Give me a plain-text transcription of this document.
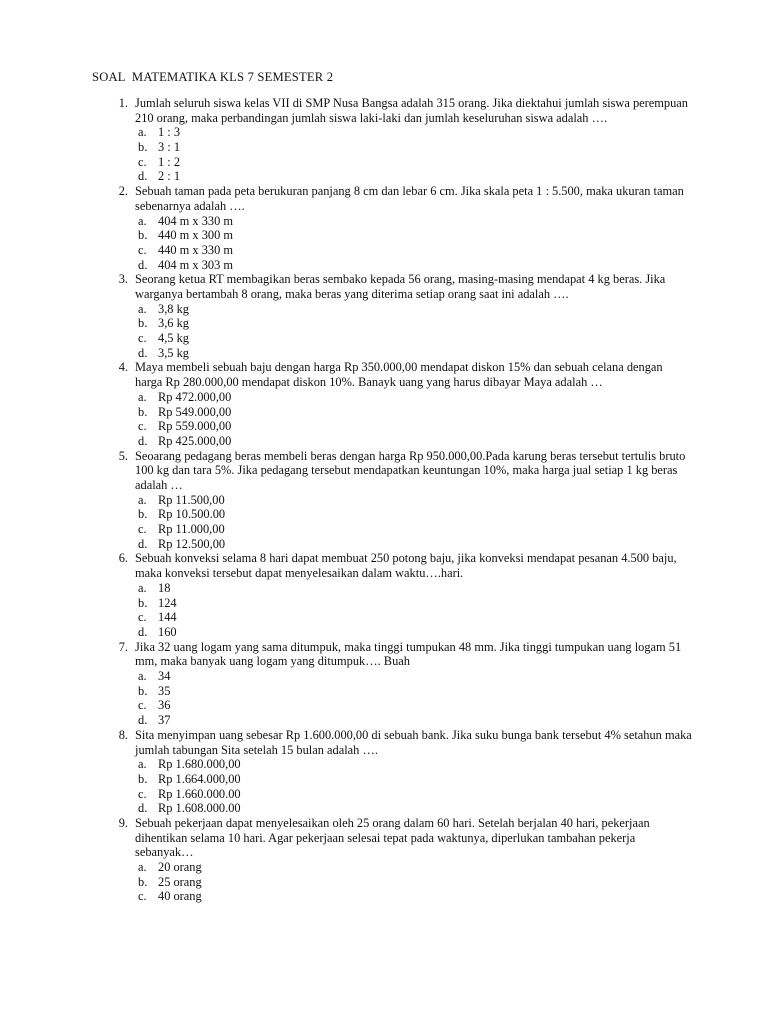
SOAL  MATEMATIKA KLS 7 SEMESTER 2
1. Jumlah seluruh siswa kelas VII di SMP Nusa Bangsa adalah 315 orang. Jika diektahui jumlah siswa perempuan 210 orang, maka perbandingan jumlah siswa laki-laki dan jumlah keseluruhan siswa adalah ….
a. 1 : 3
b. 3 : 1
c. 1 : 2
d. 2 : 1
2. Sebuah taman pada peta berukuran panjang 8 cm dan lebar 6 cm. Jika skala peta 1 : 5.500, maka ukuran taman sebenarnya adalah ….
a. 404 m x 330 m
b. 440 m x 300 m
c. 440 m x 330 m
d. 404 m x 303 m
3. Seorang ketua RT membagikan beras sembako kepada 56 orang, masing-masing mendapat 4 kg beras. Jika warganya bertambah 8 orang, maka beras yang diterima setiap orang saat ini adalah ….
a. 3,8 kg
b. 3,6 kg
c. 4,5 kg
d. 3,5 kg
4. Maya membeli sebuah baju dengan harga Rp 350.000,00 mendapat diskon 15% dan sebuah celana dengan harga Rp 280.000,00 mendapat diskon 10%. Banayk uang yang harus dibayar Maya adalah …
a. Rp 472.000,00
b. Rp 549.000,00
c. Rp 559.000,00
d. Rp 425.000,00
5. Seoarang pedagang beras membeli beras dengan harga Rp 950.000,00.Pada karung beras tersebut tertulis bruto 100 kg dan tara 5%. Jika pedagang tersebut mendapatkan keuntungan 10%, maka harga jual setiap 1 kg beras adalah …
a. Rp 11.500,00
b. Rp 10.500.00
c. Rp 11.000,00
d. Rp 12.500,00
6. Sebuah konveksi selama 8 hari dapat membuat 250 potong baju, jika konveksi mendapat pesanan 4.500 baju, maka konveksi tersebut dapat menyelesaikan dalam waktu….hari.
a. 18
b. 124
c. 144
d. 160
7. Jika 32 uang logam yang sama ditumpuk, maka tinggi tumpukan 48 mm. Jika tinggi tumpukan uang logam 51 mm, maka banyak uang logam yang ditumpuk…. Buah
a. 34
b. 35
c. 36
d. 37
8. Sita menyimpan uang sebesar Rp 1.600.000,00 di sebuah bank. Jika suku bunga bank tersebut 4% setahun maka jumlah tabungan Sita setelah 15 bulan adalah ….
a. Rp 1.680.000,00
b. Rp 1.664.000,00
c. Rp 1.660.000.00
d. Rp 1.608.000.00
9. Sebuah pekerjaan dapat menyelesaikan oleh 25 orang dalam 60 hari. Setelah berjalan 40 hari, pekerjaan dihentikan selama 10 hari. Agar pekerjaan selesai tepat pada waktunya, diperlukan tambahan pekerja sebanyak…
a. 20 orang
b. 25 orang
c. 40 orang
